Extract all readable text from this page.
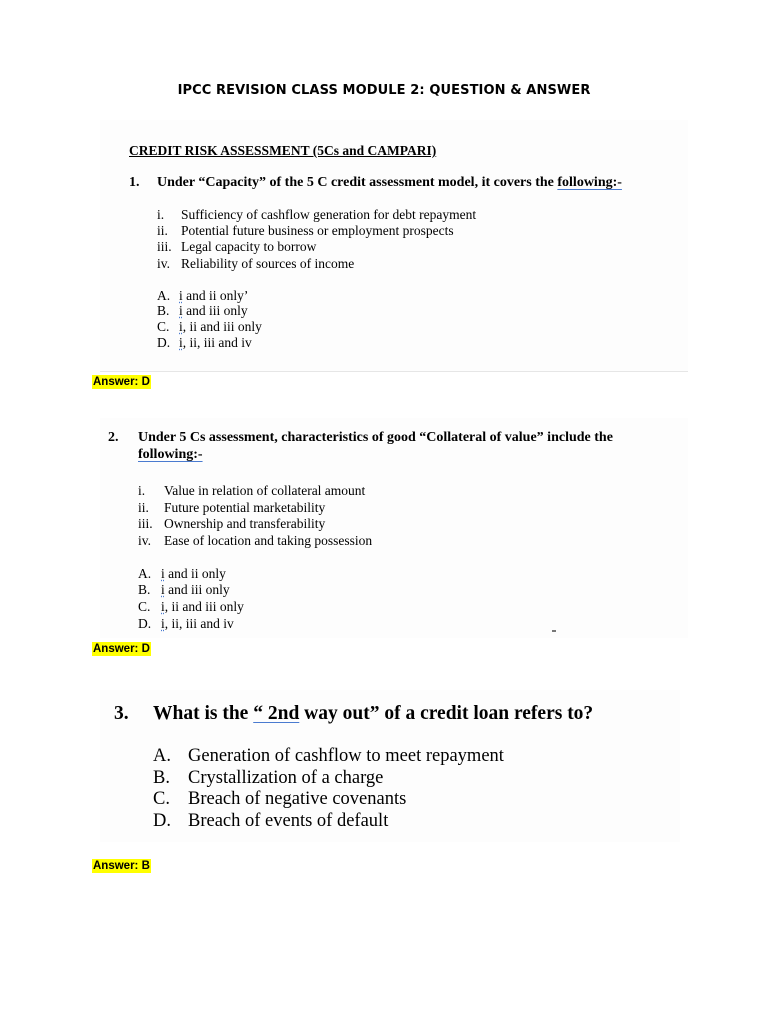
IPCC REVISION CLASS MODULE 2: QUESTION & ANSWER
CREDIT RISK ASSESSMENT (5Cs and CAMPARI)
1. Under “Capacity” of the 5 C credit assessment model, it covers the following:-
i. Sufficiency of cashflow generation for debt repayment
ii. Potential future business or employment prospects
iii. Legal capacity to borrow
iv. Reliability of sources of income
A. i and ii only’
B. i and iii only
C. i, ii and iii only
D. i, ii, iii and iv
Answer: D
2. Under 5 Cs assessment, characteristics of good “Collateral of value” include the
following:-
i. Value in relation of collateral amount
ii. Future potential marketability
iii. Ownership and transferability
iv. Ease of location and taking possession
A. i and ii only
B. i and iii only
C. i, ii and iii only
D. i, ii, iii and iv
Answer: D
3. What is the “ 2nd way out” of a credit loan refers to?
A. Generation of cashflow to meet repayment
B. Crystallization of a charge
C. Breach of negative covenants
D. Breach of events of default
Answer: B
